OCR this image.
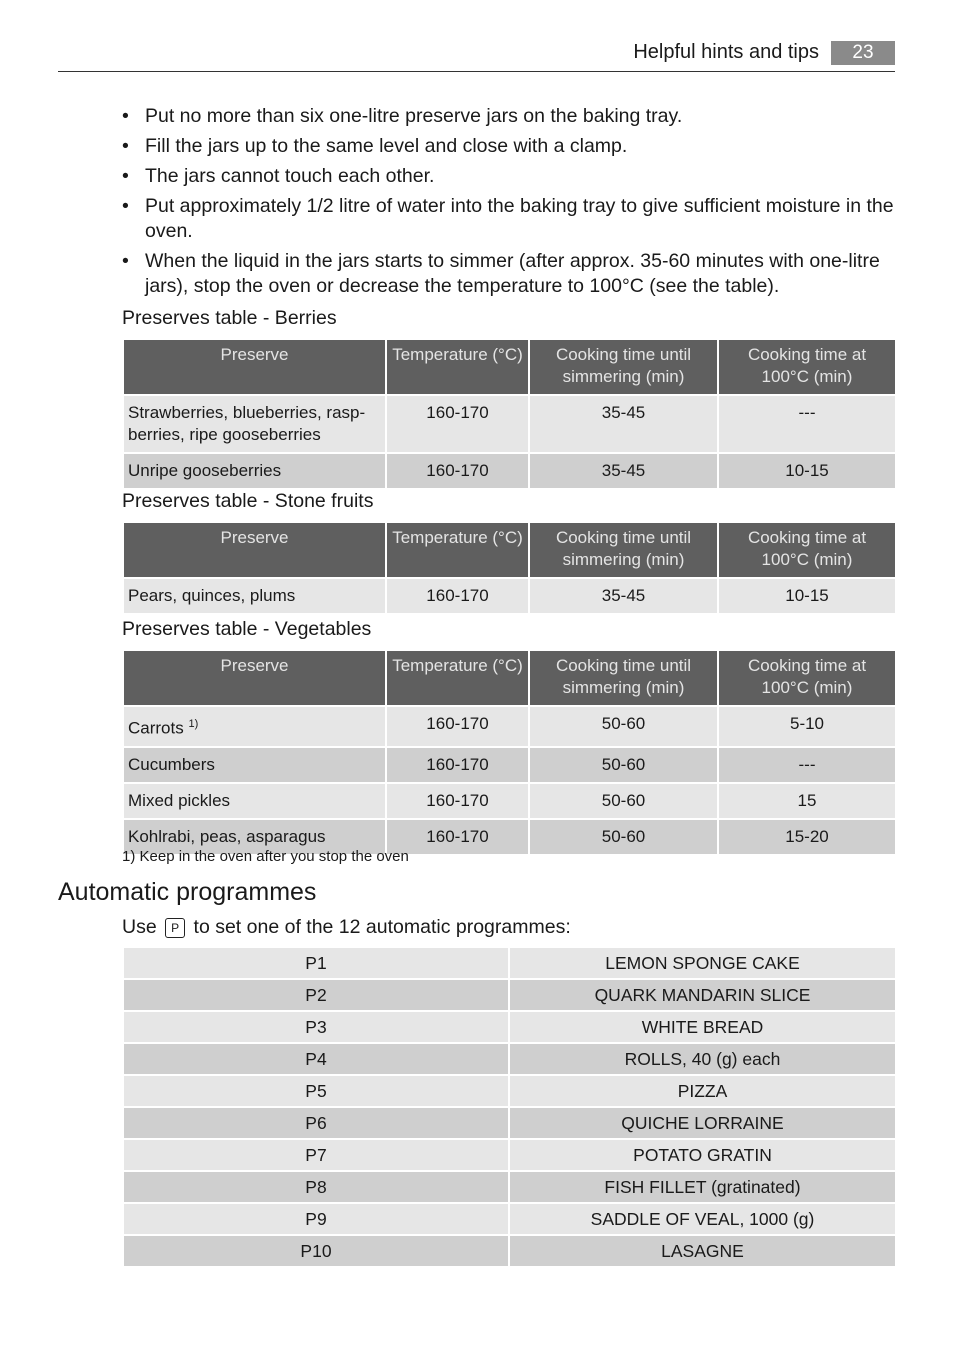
Helpful hints and tips	23
• Put no more than six one-litre preserve jars on the baking tray.
• Fill the jars up to the same level and close with a clamp.
• The jars cannot touch each other.
• Put approximately 1/2 litre of water into the baking tray to give sufficient moisture in the oven.
• When the liquid in the jars starts to simmer (after approx. 35-60 minutes with one-litre jars), stop the oven or decrease the temperature to 100°C (see the table).
Preserves table - Berries
Preserve	Temperature (°C)	Cooking time until simmering (min)	Cooking time at 100°C (min)
Strawberries, blueberries, rasp-berries, ripe gooseberries	160-170	35-45	---
Unripe gooseberries	160-170	35-45	10-15
Preserves table - Stone fruits
Preserve	Temperature (°C)	Cooking time until simmering (min)	Cooking time at 100°C (min)
Pears, quinces, plums	160-170	35-45	10-15
Preserves table - Vegetables
Preserve	Temperature (°C)	Cooking time until simmering (min)	Cooking time at 100°C (min)
Carrots $^{1)}$	160-170	50-60	5-10
Cucumbers	160-170	50-60	---
Mixed pickles	160-170	50-60	15
Kohlrabi, peas, asparagus	160-170	50-60	15-20
1) Keep in the oven after you stop the oven
Automatic programmes
Use P to set one of the 12 automatic programmes:
P1	LEMON SPONGE CAKE
P2	QUARK MANDARIN SLICE
P3	WHITE BREAD
P4	ROLLS, 40 (g) each
P5	PIZZA
P6	QUICHE LORRAINE
P7	POTATO GRATIN
P8	FISH FILLET (gratinated)
P9	SADDLE OF VEAL, 1000 (g)
P10	LASAGNE
